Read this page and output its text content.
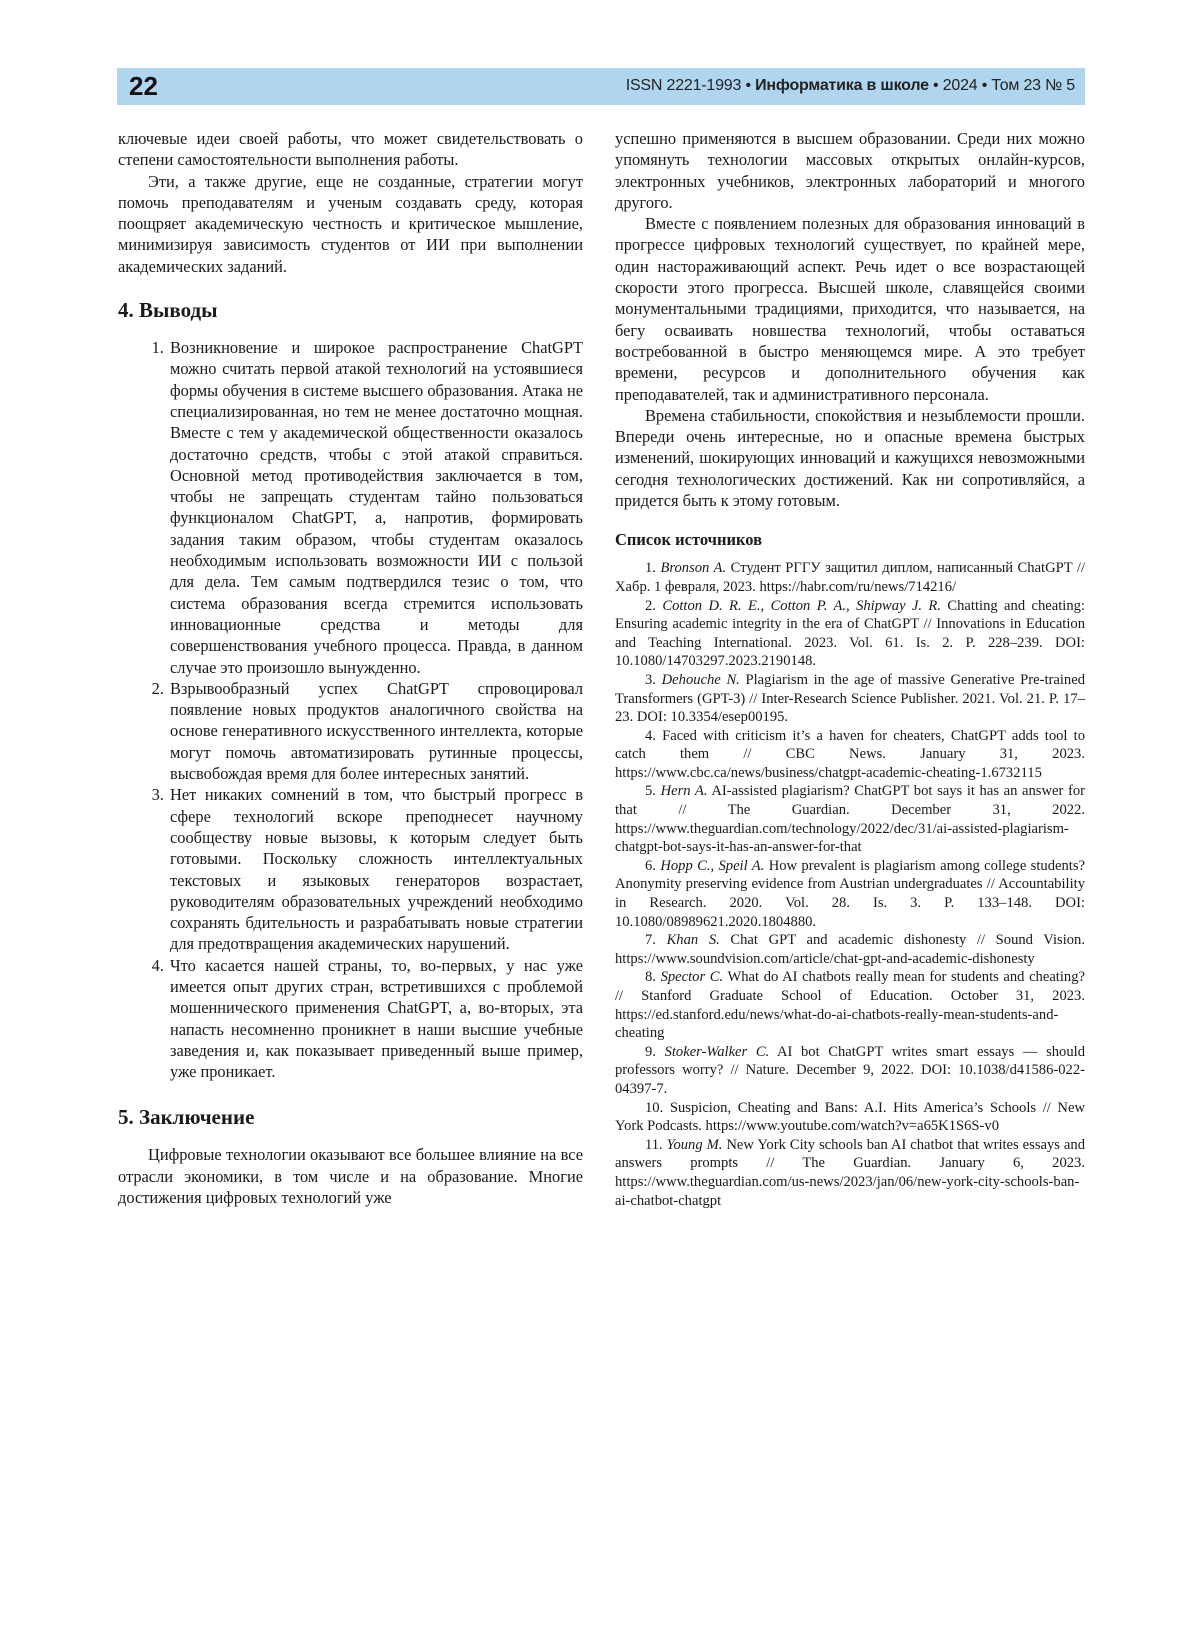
22	ISSN 2221-1993 • Информатика в школе • 2024 • Том 23 № 5

ключевые идеи своей работы, что может свидетельствовать о степени самостоятельности выполнения работы.

Эти, а также другие, еще не созданные, стратегии могут помочь преподавателям и ученым создавать среду, которая поощряет академическую честность и критическое мышление, минимизируя зависимость студентов от ИИ при выполнении академических заданий.

4. Выводы
1. Возникновение и широкое распространение ChatGPT можно считать первой атакой технологий на устоявшиеся формы обучения в системе высшего образования. Атака не специализированная, но тем не менее достаточно мощная. Вместе с тем у академической общественности оказалось достаточно средств, чтобы с этой атакой справиться. Основной метод противодействия заключается в том, чтобы не запрещать студентам тайно пользоваться функционалом ChatGPT, а, напротив, формировать задания таким образом, чтобы студентам оказалось необходимым использовать возможности ИИ с пользой для дела. Тем самым подтвердился тезис о том, что система образования всегда стремится использовать инновационные средства и методы для совершенствования учебного процесса. Правда, в данном случае это произошло вынужденно.
2. Взрывообразный успех ChatGPT спровоцировал появление новых продуктов аналогичного свойства на основе генеративного искусственного интеллекта, которые могут помочь автоматизировать рутинные процессы, высвобождая время для более интересных занятий.
3. Нет никаких сомнений в том, что быстрый прогресс в сфере технологий вскоре преподнесет научному сообществу новые вызовы, к которым следует быть готовыми. Поскольку сложность интеллектуальных текстовых и языковых генераторов возрастает, руководителям образовательных учреждений необходимо сохранять бдительность и разрабатывать новые стратегии для предотвращения академических нарушений.
4. Что касается нашей страны, то, во-первых, у нас уже имеется опыт других стран, встретившихся с проблемой мошеннического применения ChatGPT, а, во-вторых, эта напасть несомненно проникнет в наши высшие учебные заведения и, как показывает приведенный выше пример, уже проникает.
5. Заключение

Цифровые технологии оказывают все большее влияние на все отрасли экономики, в том числе и на образование. Многие достижения цифровых технологий уже

успешно применяются в высшем образовании. Среди них можно упомянуть технологии массовых открытых онлайн-курсов, электронных учебников, электронных лабораторий и многого другого.

Вместе с появлением полезных для образования инноваций в прогрессе цифровых технологий существует, по крайней мере, один настораживающий аспект. Речь идет о все возрастающей скорости этого прогресса. Высшей школе, славящейся своими монументальными традициями, приходится, что называется, на бегу осваивать новшества технологий, чтобы оставаться востребованной в быстро меняющемся мире. А это требует времени, ресурсов и дополнительного обучения как преподавателей, так и административного персонала.

Времена стабильности, спокойствия и незыблемости прошли. Впереди очень интересные, но и опасные времена быстрых изменений, шокирующих инноваций и кажущихся невозможными сегодня технологических достижений. Как ни сопротивляйся, а придется быть к этому готовым.

Список источников

1. Bronson A. Студент РГГУ защитил диплом, написанный ChatGPT // Хабр. 1 февраля, 2023. https://habr.com/ru/news/714216/

2. Cotton D. R. E., Cotton P. A., Shipway J. R. Chatting and cheating: Ensuring academic integrity in the era of ChatGPT // Innovations in Education and Teaching International. 2023. Vol. 61. Is. 2. P. 228–239. DOI: 10.1080/14703297.2023.2190148.

3. Dehouche N. Plagiarism in the age of massive Generative Pre-trained Transformers (GPT-3) // Inter-Research Science Publisher. 2021. Vol. 21. P. 17–23. DOI: 10.3354/esep00195.

4. Faced with criticism it’s a haven for cheaters, ChatGPT adds tool to catch them // CBC News. January 31, 2023. https://www.cbc.ca/news/business/chatgpt-academic-cheating-1.6732115

5. Hern A. AI-assisted plagiarism? ChatGPT bot says it has an answer for that // The Guardian. December 31, 2022. https://www.theguardian.com/technology/2022/dec/31/ai-assisted-plagiarism-chatgpt-bot-says-it-has-an-answer-for-that

6. Hopp C., Speil A. How prevalent is plagiarism among college students? Anonymity preserving evidence from Austrian undergraduates // Accountability in Research. 2020. Vol. 28. Is. 3. P. 133–148. DOI: 10.1080/08989621.2020.1804880.

7. Khan S. Chat GPT and academic dishonesty // Sound Vision. https://www.soundvision.com/article/chat-gpt-and-academic-dishonesty

8. Spector C. What do AI chatbots really mean for students and cheating? // Stanford Graduate School of Education. October 31, 2023. https://ed.stanford.edu/news/what-do-ai-chatbots-really-mean-students-and-cheating

9. Stoker-Walker C. AI bot ChatGPT writes smart essays — should professors worry? // Nature. December 9, 2022. DOI: 10.1038/d41586-022-04397-7.

10. Suspicion, Cheating and Bans: A.I. Hits America’s Schools // New York Podcasts. https://www.youtube.com/watch?v=a65K1S6S-v0

11. Young M. New York City schools ban AI chatbot that writes essays and answers prompts // The Guardian. January 6, 2023. https://www.theguardian.com/us-news/2023/jan/06/new-york-city-schools-ban-ai-chatbot-chatgpt
